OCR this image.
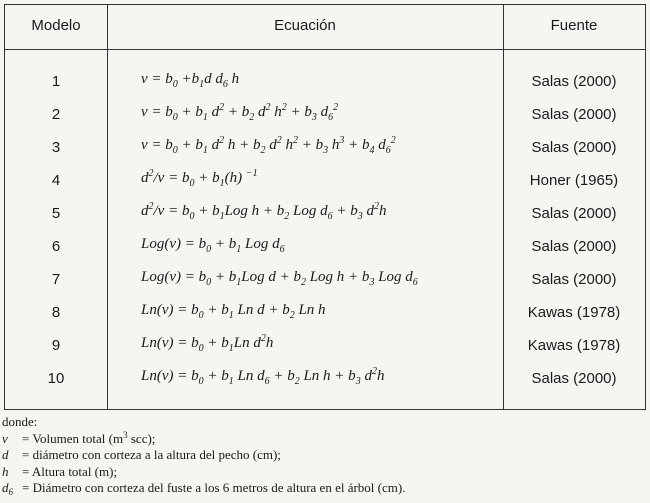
Modelo	Ecuación	Fuente
1	$v = b_0 +b_1d$ $d_6$ h	Salas (2000)
2	$v = b_0 + b_1$ $d^2 + b_2$ $d^2$ $h^2 + b_3$ $d_6^2$	Salas (2000)
3	$v = b_0 + b_1$ $d^2$ $h + b_2$ $d^2$ $h^2 + b_3$ $h^3 + b_4$ $d_6^2$	Salas (2000)
4	$d^2/v = b_0 + b_1(h)$ $^{-1}$	Honer (1965)
5	$d^2/v = b_0 + b_1Log$ $h + b_2$ Log $d_6 + b_3$ $d^2h$	Salas (2000)
6	$Log(v) = b_0 + b_1$ Log $d_6$	Salas (2000)
7	$Log(v) = b_0 + b_1Log$ $d + b_2$ Log $h + b_3$ Log $d_6$	Salas (2000)
8	$Ln(v) = b_0 + b_1$ Ln $d + b_2$ Ln h	Kawas (1978)
9	$Ln(v) = b_0 + b_1Ln$ $d^2h$	Kawas (1978)
10	$Ln(v) = b_0 + b_1$ Ln $d_6 + b_2$ Ln $h + b_3$ $d^2h$	Salas (2000)
donde:
v = Volumen total (m$^3$ scc);
d = diámetro con corteza a la altura del pecho (cm);
h = Altura total (m);
$d_6$ = Diámetro con corteza del fuste a los 6 metros de altura en el árbol (cm).
